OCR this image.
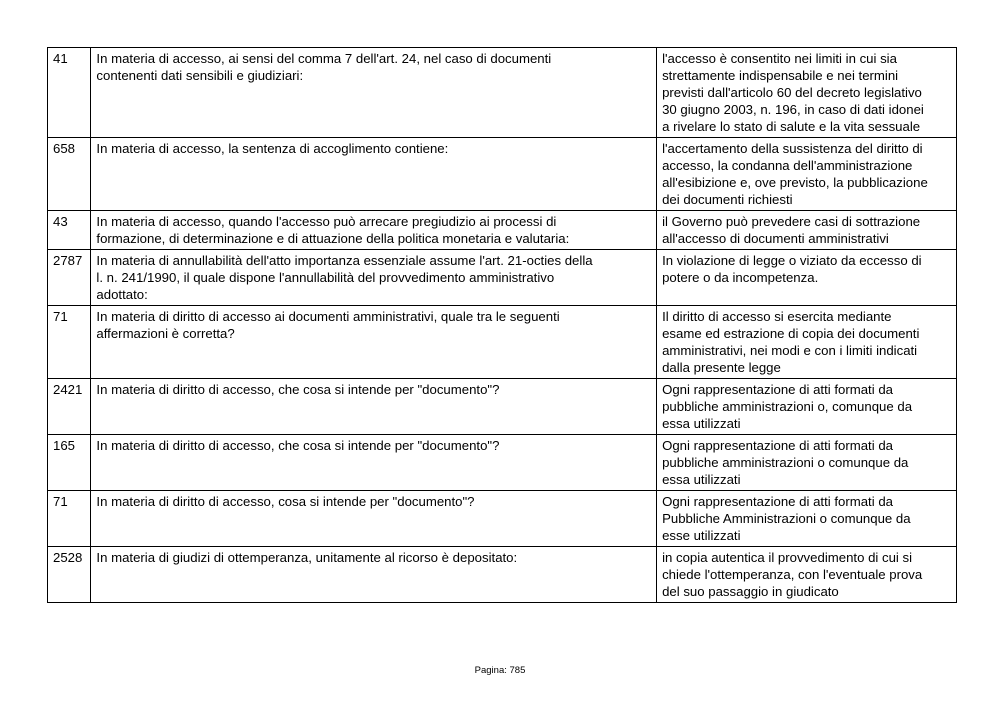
41	In materia di accesso, ai sensi del comma 7 dell'art. 24, nel caso di documenti
contenenti dati sensibili e giudiziari:	l'accesso è consentito nei limiti in cui sia
strettamente indispensabile e nei termini
previsti dall'articolo 60 del decreto legislativo
30 giugno 2003, n. 196, in caso di dati idonei
a rivelare lo stato di salute e la vita sessuale
658	In materia di accesso, la sentenza di accoglimento contiene:	l'accertamento della sussistenza del diritto di
accesso, la condanna dell'amministrazione
all'esibizione e, ove previsto, la pubblicazione
dei documenti richiesti
43	In materia di accesso, quando l'accesso può arrecare pregiudizio ai processi di
formazione, di determinazione e di attuazione della politica monetaria e valutaria:	il Governo può prevedere casi di sottrazione
all'accesso di documenti amministrativi
2787	In materia di annullabilità dell'atto importanza essenziale assume l'art. 21-octies della
l. n. 241/1990, il quale dispone l'annullabilità del provvedimento amministrativo
adottato:	In violazione di legge o viziato da eccesso di
potere o da incompetenza.
71	In materia di diritto di accesso ai documenti amministrativi, quale tra le seguenti
affermazioni è corretta?	Il diritto di accesso si esercita mediante
esame ed estrazione di copia dei documenti
amministrativi, nei modi e con i limiti indicati
dalla presente legge
2421	In materia di diritto di accesso, che cosa si intende per "documento"?	Ogni rappresentazione di atti formati da
pubbliche amministrazioni o, comunque da
essa utilizzati
165	In materia di diritto di accesso, che cosa si intende per "documento"?	Ogni rappresentazione di atti formati da
pubbliche amministrazioni o comunque da
essa utilizzati
71	In materia di diritto di accesso, cosa si intende per "documento"?	Ogni rappresentazione di atti formati da
Pubbliche Amministrazioni o comunque da
esse utilizzati
2528	In materia di giudizi di ottemperanza, unitamente al ricorso è depositato:	in copia autentica il provvedimento di cui si
chiede l'ottemperanza, con l'eventuale prova
del suo passaggio in giudicato
Pagina: 785
